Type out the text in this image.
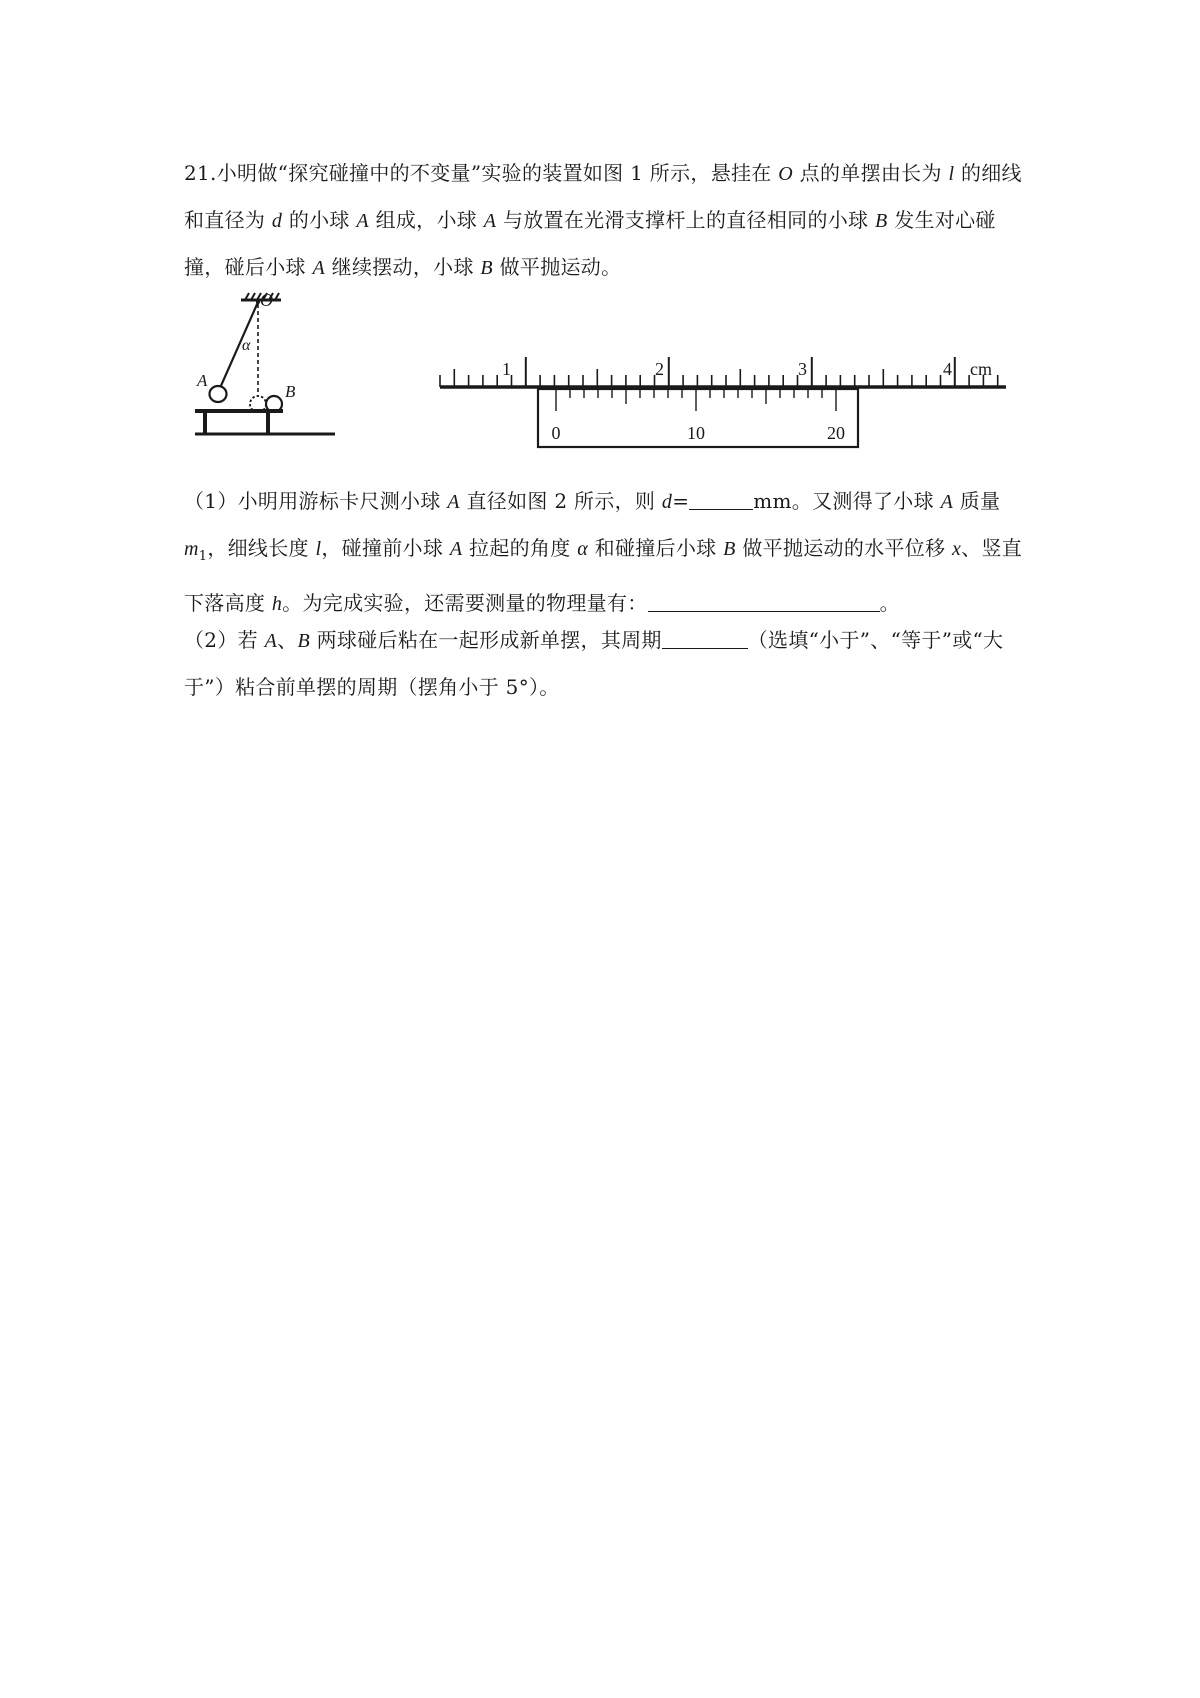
21.小明做“探究碰撞中的不变量”实验的装置如图 1 所示，悬挂在 O 点的单摆由长为 l 的细线和直径为 d 的小球 A 组成，小球 A 与放置在光滑支撑杆上的直径相同的小球 B 发生对心碰撞，碰后小球 A 继续摆动，小球 B 做平抛运动。
O
α
A
B
1	2	3	4 cm
0	10	20
（1）小明用游标卡尺测小球 A 直径如图 2 所示，则 d=	mm。又测得了小球 A 质量 $m_1$，细线长度 l，碰撞前小球 A 拉起的角度 α 和碰撞后小球 B 做平抛运动的水平位移 x、竖直下落高度 h。为完成实验，还需要测量的物理量有：	。
（2）若 A、B 两球碰后粘在一起形成新单摆，其周期	（选填“小于”、“等于”或“大于”）粘合前单摆的周期（摆角小于 5°）。
